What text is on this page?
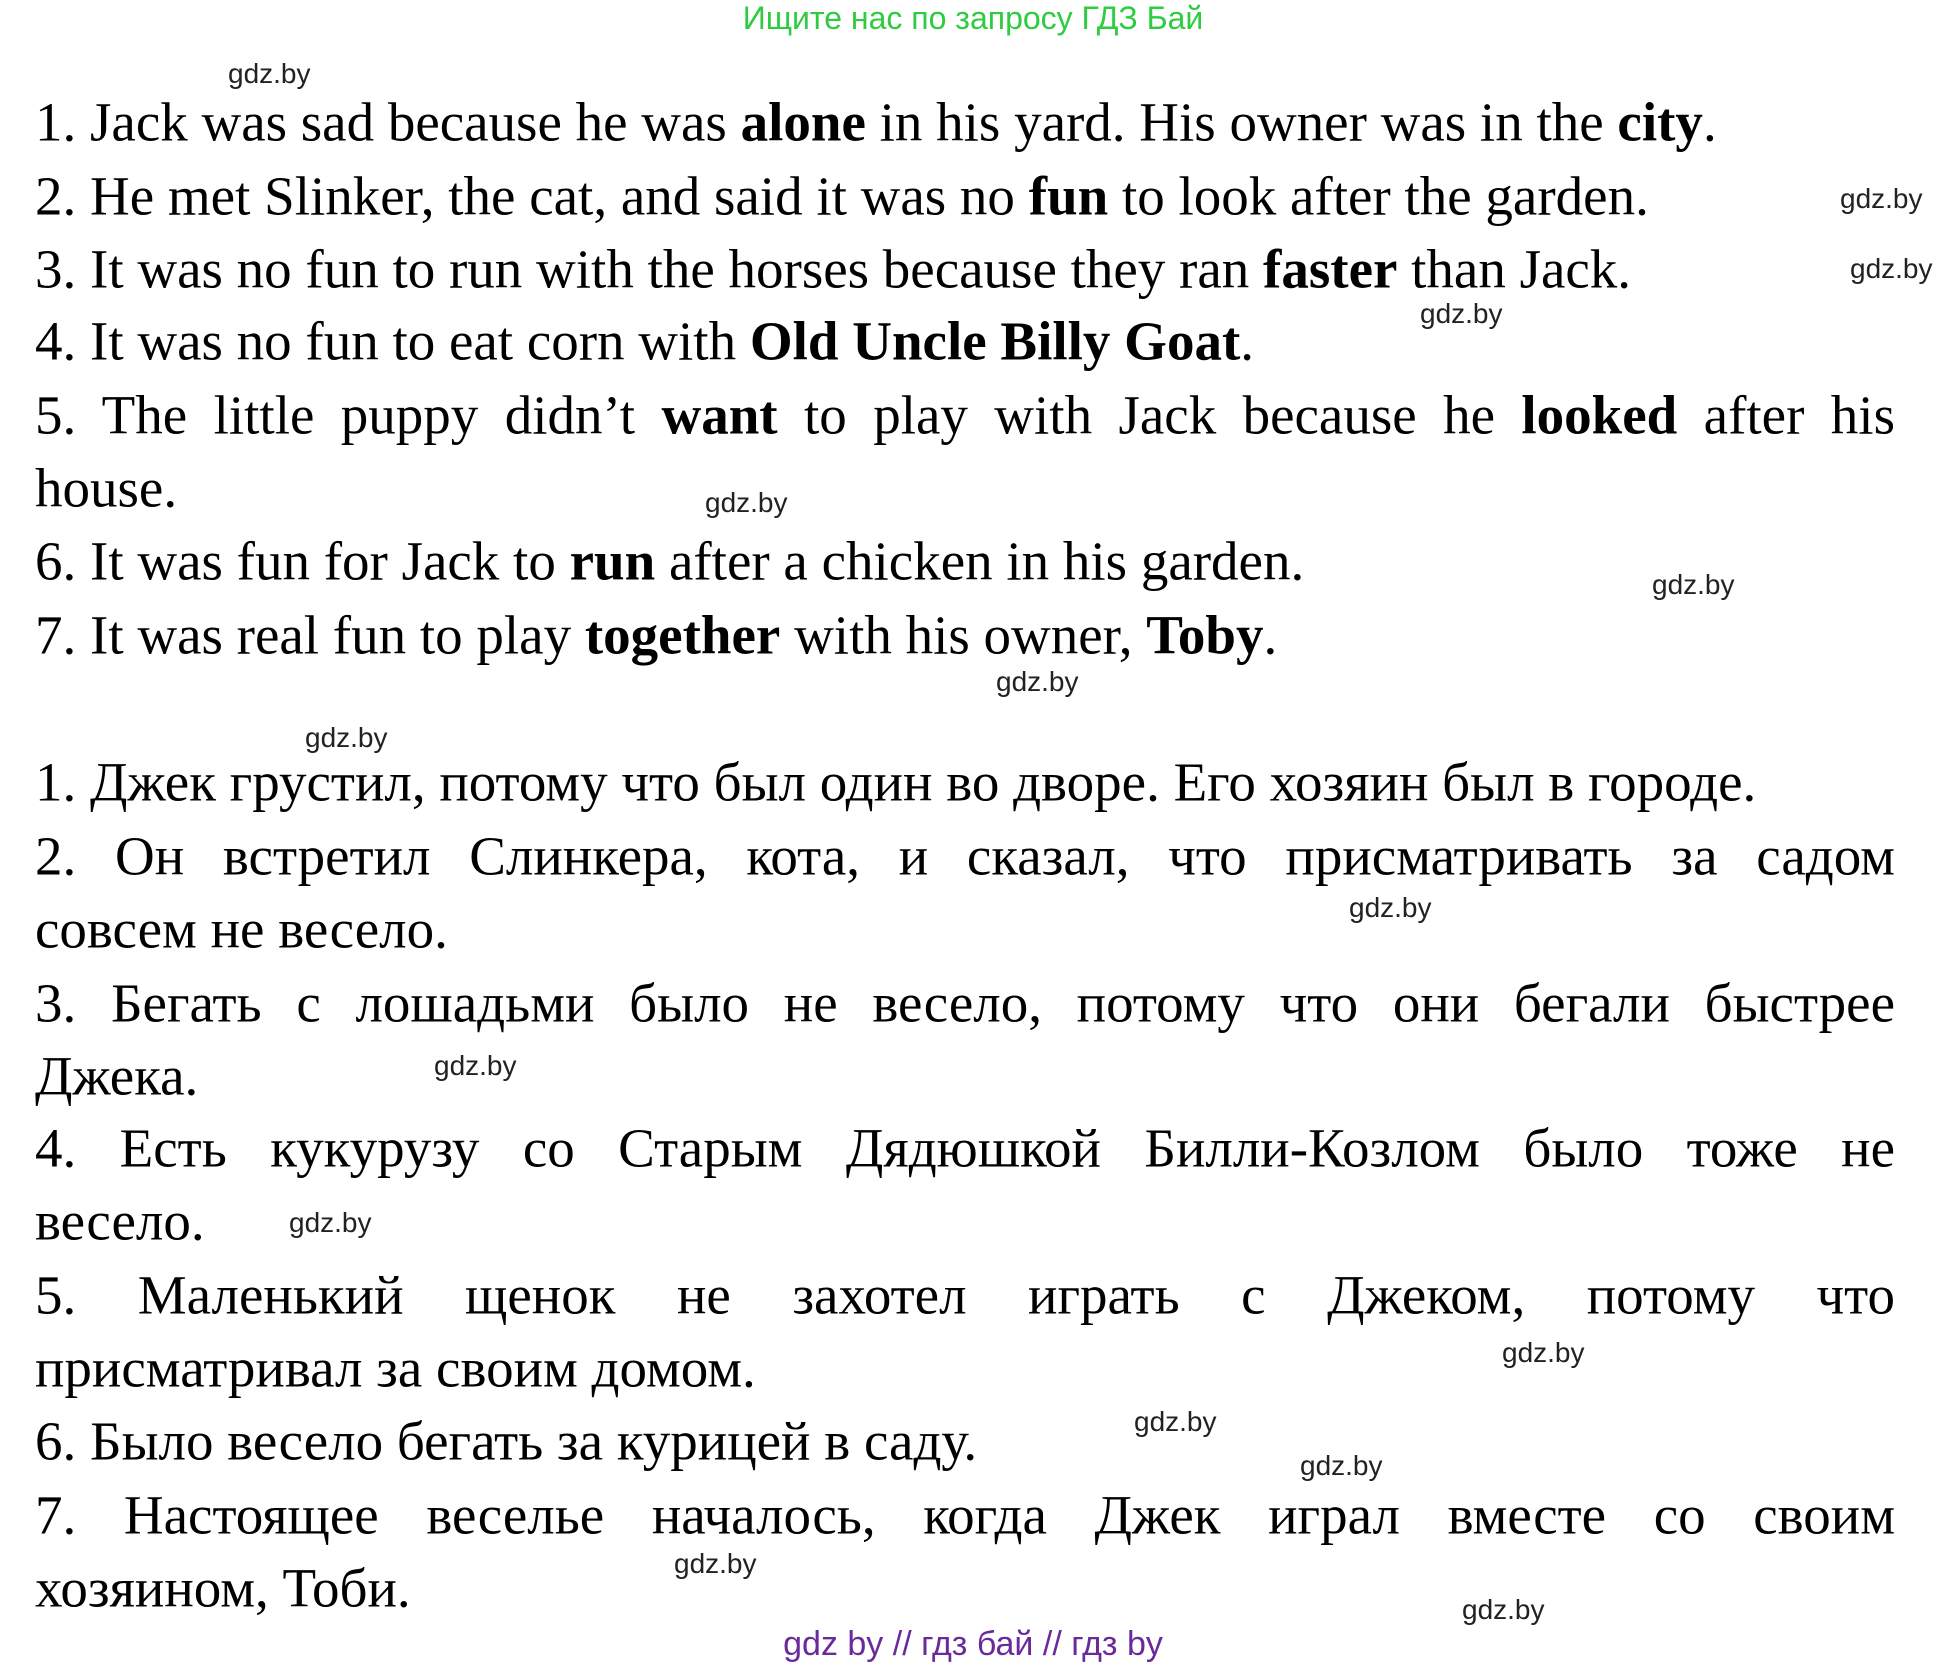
Ищите нас по запросу ГДЗ Бай
1. Jack was sad because he was alone in his yard. His owner was in the city.
2. He met Slinker, the cat, and said it was no fun to look after the garden.
3. It was no fun to run with the horses because they ran faster than Jack.
4. It was no fun to eat corn with Old Uncle Billy Goat.
5. The little puppy didn’t want to play with Jack because he looked after his
house.
6. It was fun for Jack to run after a chicken in his garden.
7. It was real fun to play together with his owner, Toby.
1. Джек грустил, потому что был один во дворе. Его хозяин был в городе.
2. Он встретил Слинкера, кота, и сказал, что присматривать за садом
совсем не весело.
3. Бегать с лошадьми было не весело, потому что они бегали быстрее
Джека.
4. Есть кукурузу со Старым Дядюшкой Билли-Козлом было тоже не
весело.
5. Маленький щенок не захотел играть с Джеком, потому что
присматривал за своим домом.
6. Было весело бегать за курицей в саду.
7. Настоящее веселье началось, когда Джек играл вместе со своим
хозяином, Тоби.
gdz.by
gdz.by
gdz.by
gdz.by
gdz.by
gdz.by
gdz.by
gdz.by
gdz.by
gdz.by
gdz.by
gdz.by
gdz.by
gdz.by
gdz.by
gdz.by
gdz by // гдз бай // гдз by
